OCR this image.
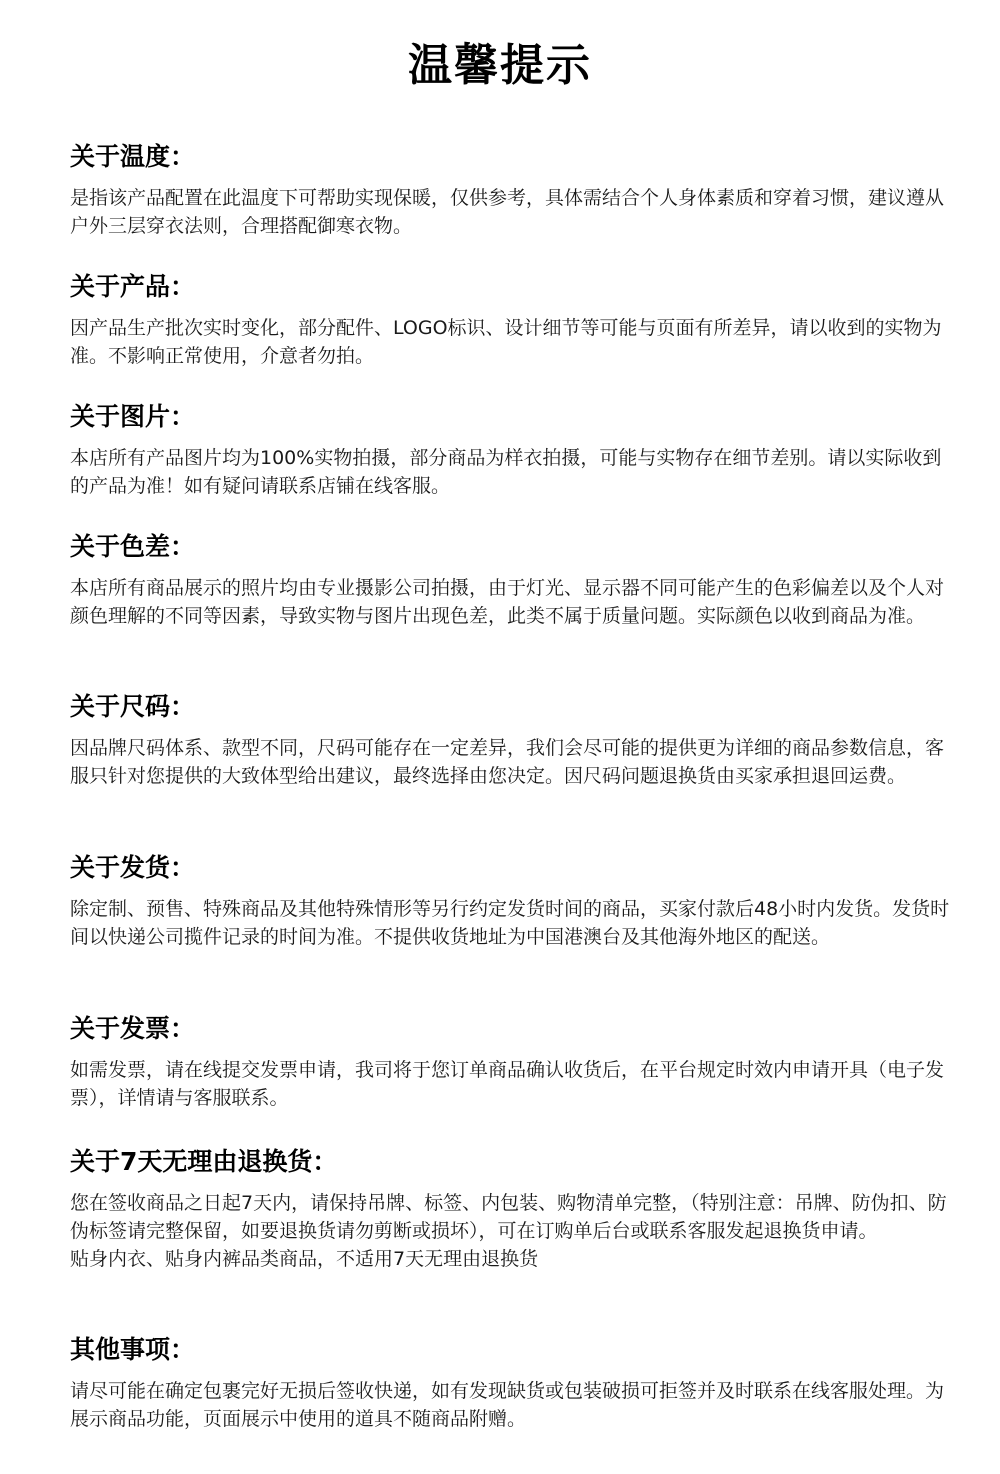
温馨提示
关于温度：

是指该产品配置在此温度下可帮助实现保暖，仅供参考，具体需结合个人身体素质和穿着习惯，建议遵从户外三层穿衣法则，合理搭配御寒衣物。

关于产品：

因产品生产批次实时变化，部分配件、LOGO标识、设计细节等可能与页面有所差异，请以收到的实物为准。不影响正常使用，介意者勿拍。

关于图片：

本店所有产品图片均为100%实物拍摄，部分商品为样衣拍摄，可能与实物存在细节差别。请以实际收到的产品为准！如有疑问请联系店铺在线客服。

关于色差：

本店所有商品展示的照片均由专业摄影公司拍摄，由于灯光、显示器不同可能产生的色彩偏差以及个人对颜色理解的不同等因素，导致实物与图片出现色差，此类不属于质量问题。实际颜色以收到商品为准。

关于尺码：

因品牌尺码体系、款型不同，尺码可能存在一定差异，我们会尽可能的提供更为详细的商品参数信息，客服只针对您提供的大致体型给出建议，最终选择由您决定。因尺码问题退换货由买家承担退回运费。

关于发货：

除定制、预售、特殊商品及其他特殊情形等另行约定发货时间的商品，买家付款后48小时内发货。发货时间以快递公司揽件记录的时间为准。不提供收货地址为中国港澳台及其他海外地区的配送。

关于发票：

如需发票，请在线提交发票申请，我司将于您订单商品确认收货后，在平台规定时效内申请开具（电子发票），详情请与客服联系。

关于7天无理由退换货：

您在签收商品之日起7天内，请保持吊牌、标签、内包装、购物清单完整，（特别注意：吊牌、防伪扣、防伪标签请完整保留，如要退换货请勿剪断或损坏），可在订购单后台或联系客服发起退换货申请。

贴身内衣、贴身内裤品类商品，不适用7天无理由退换货

其他事项：

请尽可能在确定包裹完好无损后签收快递，如有发现缺货或包装破损可拒签并及时联系在线客服处理。为展示商品功能，页面展示中使用的道具不随商品附赠。
